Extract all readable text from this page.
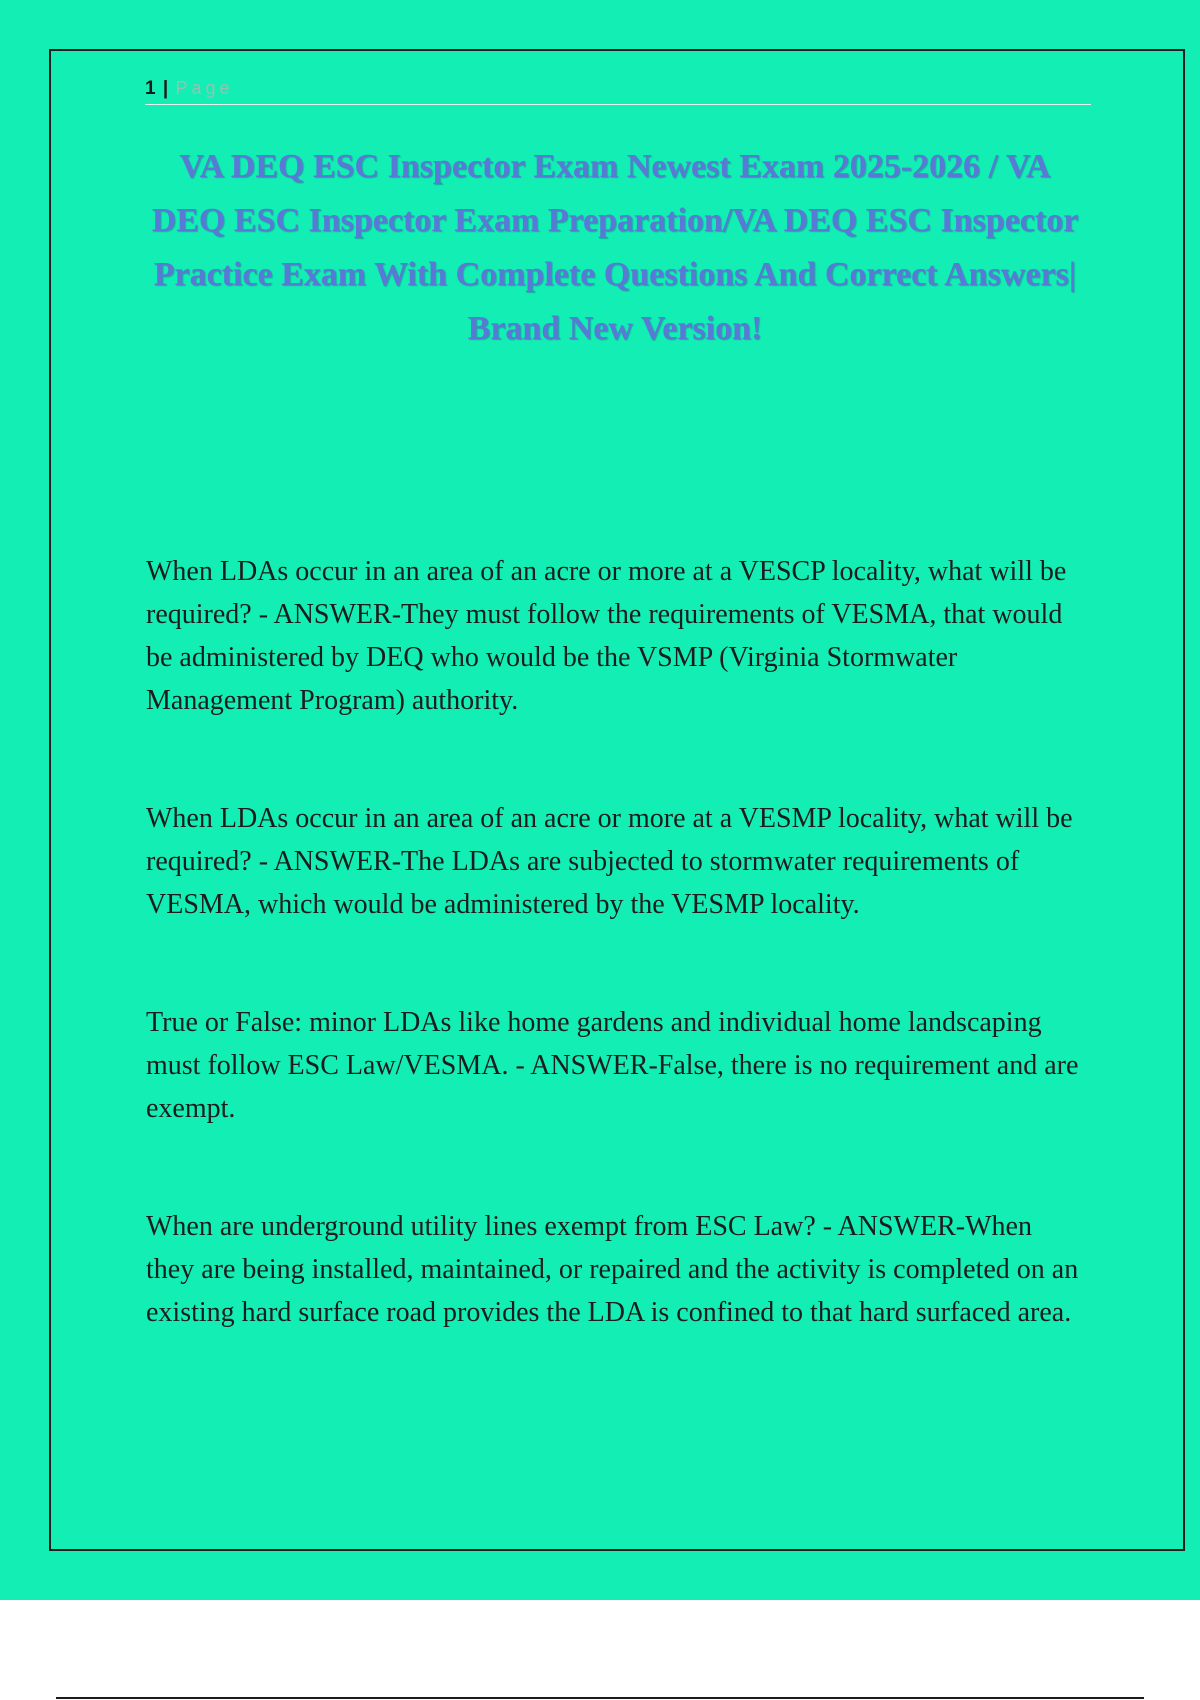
1 | Page
VA DEQ ESC Inspector Exam Newest Exam 2025-2026 / VA DEQ ESC Inspector Exam Preparation/VA DEQ ESC Inspector Practice Exam With Complete Questions And Correct Answers| Brand New Version!

When LDAs occur in an area of an acre or more at a VESCP locality, what will be required? - ANSWER-They must follow the requirements of VESMA, that would be administered by DEQ who would be the VSMP (Virginia Stormwater Management Program) authority.

When LDAs occur in an area of an acre or more at a VESMP locality, what will be required? - ANSWER-The LDAs are subjected to stormwater requirements of VESMA, which would be administered by the VESMP locality.

True or False: minor LDAs like home gardens and individual home landscaping must follow ESC Law/VESMA. - ANSWER-False, there is no requirement and are exempt.

When are underground utility lines exempt from ESC Law? - ANSWER-When they are being installed, maintained, or repaired and the activity is completed on an existing hard surface road provides the LDA is confined to that hard surfaced area.
